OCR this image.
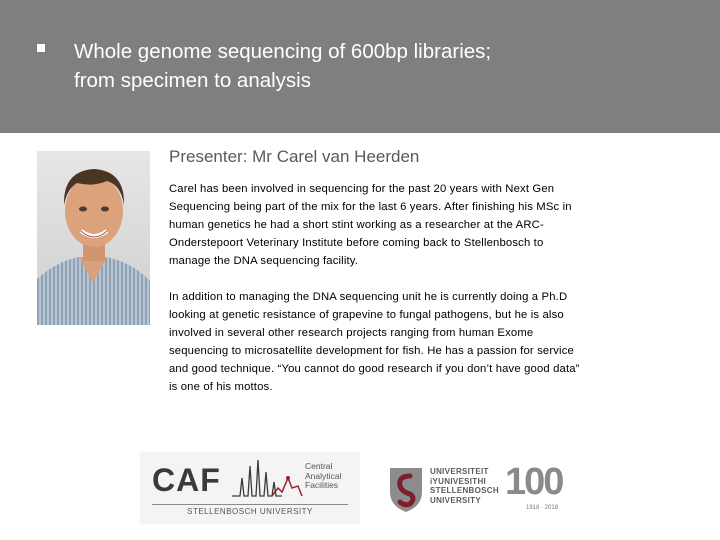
Whole genome sequencing of 600bp libraries;
from specimen to analysis
Presenter: Mr Carel van Heerden
Carel has been involved in sequencing for the past 20 years with Next Gen
Sequencing being part of the mix for the last 6 years. After finishing his MSc in
human genetics he had a short stint working as a researcher at the ARC-
Onderstepoort Veterinary Institute before coming back to Stellenbosch to
manage the DNA sequencing facility.
In addition to managing the DNA sequencing unit he is currently doing a Ph.D
looking at genetic resistance of grapevine to fungal pathogens, but he is also
involved in several other research projects ranging from human Exome
sequencing to microsatellite development for fish. He has a passion for service
and good technique. “You cannot do good research if you don’t have good data”
is one of his mottos.
CAF	Central
Analytical
Facilities
STELLENBOSCH UNIVERSITY
UNIVERSITEIT
iYUNIVESITHI
STELLENBOSCH
UNIVERSITY 100
1918 · 2018
